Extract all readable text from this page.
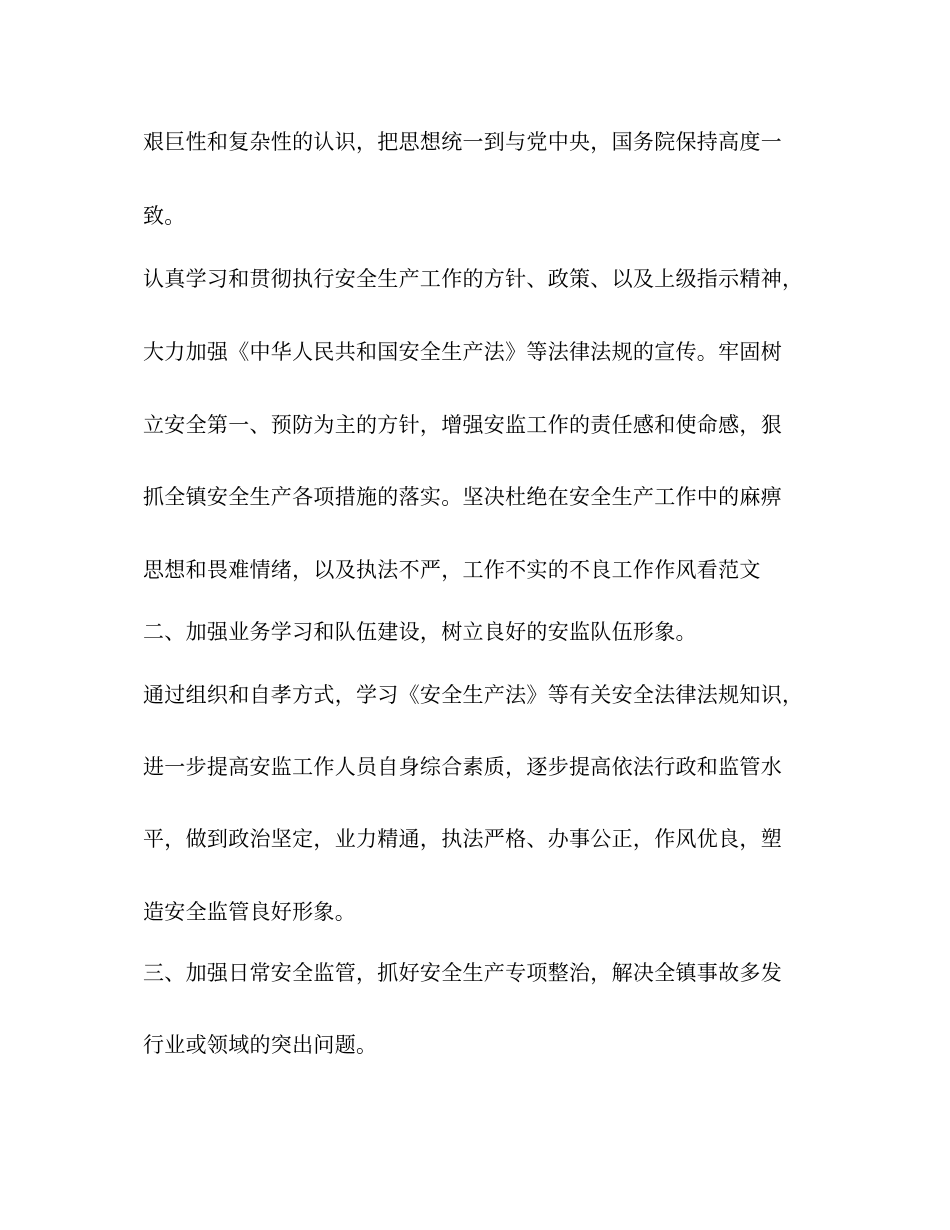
艰巨性和复杂性的认识，把思想统一到与党中央，国务院保持高度一
致。
认真学习和贯彻执行安全生产工作的方针、政策、以及上级指示精神，
大力加强《中华人民共和国安全生产法》等法律法规的宣传。牢固树
立安全第一、预防为主的方针，增强安监工作的责任感和使命感，狠
抓全镇安全生产各项措施的落实。坚决杜绝在安全生产工作中的麻痹
思想和畏难情绪，以及执法不严，工作不实的不良工作作风看范文
二、加强业务学习和队伍建设，树立良好的安监队伍形象。
通过组织和自孝方式，学习《安全生产法》等有关安全法律法规知识，
进一步提高安监工作人员自身综合素质，逐步提高依法行政和监管水
平，做到政治坚定，业力精通，执法严格、办事公正，作风优良，塑
造安全监管良好形象。
三、加强日常安全监管，抓好安全生产专项整治，解决全镇事故多发
行业或领域的突出问题。
